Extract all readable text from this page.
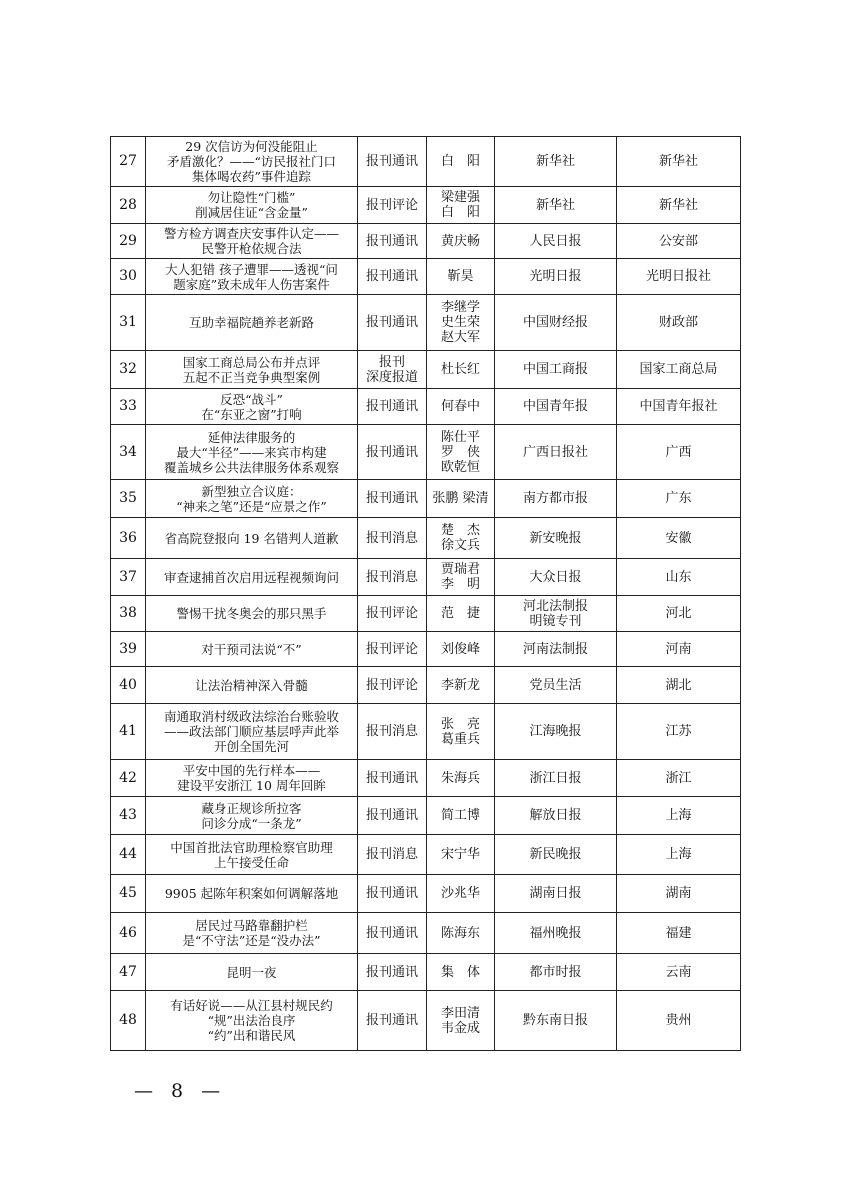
27	29 次信访为何没能阻止
矛盾激化？——“访民报社门口
集体喝农药”事件追踪	报刊通讯	白　阳	新华社	新华社
28	勿让隐性“门槛”
削减居住证“含金量”	报刊评论	梁建强
白　阳	新华社	新华社
29	警方检方调查庆安事件认定——
民警开枪依规合法	报刊通讯	黄庆畅	人民日报	公安部
30	大人犯错 孩子遭罪——透视“问
题家庭”致未成年人伤害案件	报刊通讯	靳昊	光明日报	光明日报社
31	互助幸福院趟养老新路	报刊通讯	李继学
史生荣
赵大军	中国财经报	财政部
32	国家工商总局公布并点评
五起不正当竞争典型案例	报刊
深度报道	杜长红	中国工商报	国家工商总局
33	反恐“战斗”
在“东亚之窗”打响	报刊通讯	何春中	中国青年报	中国青年报社
34	延伸法律服务的
最大“半径”——来宾市构建
覆盖城乡公共法律服务体系观察	报刊通讯	陈仕平
罗　侠
欧乾恒	广西日报社	广西
35	新型独立合议庭：
“神来之笔”还是“应景之作”	报刊通讯	张鹏 梁清	南方都市报	广东
36	省高院登报向 19 名错判人道歉	报刊消息	楚　杰
徐文兵	新安晚报	安徽
37	审查逮捕首次启用远程视频询问	报刊消息	贾瑞君
李　明	大众日报	山东
38	警惕干扰冬奥会的那只黑手	报刊评论	范　捷	河北法制报
明镜专刊	河北
39	对干预司法说“不”	报刊评论	刘俊峰	河南法制报	河南
40	让法治精神深入骨髓	报刊评论	李新龙	党员生活	湖北
41	南通取消村级政法综治台账验收
——政法部门顺应基层呼声此举
开创全国先河	报刊消息	张　亮
葛重兵	江海晚报	江苏
42	平安中国的先行样本——
建设平安浙江 10 周年回眸	报刊通讯	朱海兵	浙江日报	浙江
43	藏身正规诊所拉客
问诊分成“一条龙”	报刊通讯	简工博	解放日报	上海
44	中国首批法官助理检察官助理
上午接受任命	报刊消息	宋宁华	新民晚报	上海
45	9905 起陈年积案如何调解落地	报刊通讯	沙兆华	湖南日报	湖南
46	居民过马路靠翻护栏
是“不守法”还是“没办法”	报刊通讯	陈海东	福州晚报	福建
47	昆明一夜	报刊通讯	集　体	都市时报	云南
48	有话好说——从江县村规民约
“规”出法治良序
“约”出和谐民风	报刊通讯	李田清
韦金成	黔东南日报	贵州
— 8 —
